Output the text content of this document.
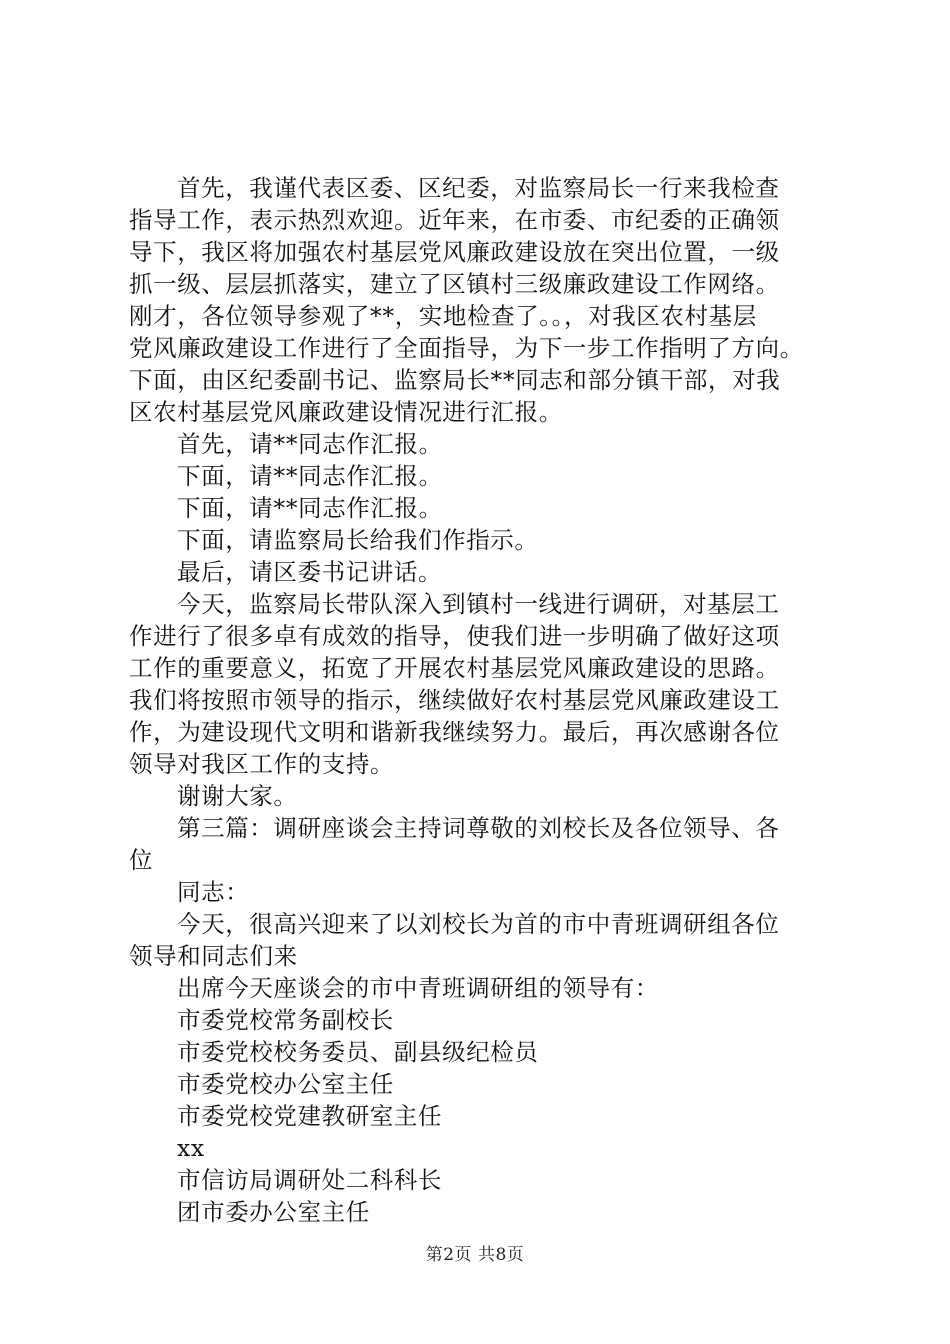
首先，我谨代表区委、区纪委，对监察局长一行来我检查
指导工作，表示热烈欢迎。近年来，在市委、市纪委的正确领
导下，我区将加强农村基层党风廉政建设放在突出位置，一级
抓一级、层层抓落实，建立了区镇村三级廉政建设工作网络。
刚才，各位领导参观了**，实地检查了。。，对我区农村基层
党风廉政建设工作进行了全面指导，为下一步工作指明了方向。
下面，由区纪委副书记、监察局长**同志和部分镇干部，对我
区农村基层党风廉政建设情况进行汇报。
首先，请**同志作汇报。
下面，请**同志作汇报。
下面，请**同志作汇报。
下面，请监察局长给我们作指示。
最后，请区委书记讲话。
今天，监察局长带队深入到镇村一线进行调研，对基层工
作进行了很多卓有成效的指导，使我们进一步明确了做好这项
工作的重要意义，拓宽了开展农村基层党风廉政建设的思路。
我们将按照市领导的指示，继续做好农村基层党风廉政建设工
作，为建设现代文明和谐新我继续努力。最后，再次感谢各位
领导对我区工作的支持。
谢谢大家。
第三篇：调研座谈会主持词尊敬的刘校长及各位领导、各
位
同志：
今天，很高兴迎来了以刘校长为首的市中青班调研组各位
领导和同志们来
出席今天座谈会的市中青班调研组的领导有：
市委党校常务副校长
市委党校校务委员、副县级纪检员
市委党校办公室主任
市委党校党建教研室主任
xx
市信访局调研处二科科长
团市委办公室主任
第2页 共8页
